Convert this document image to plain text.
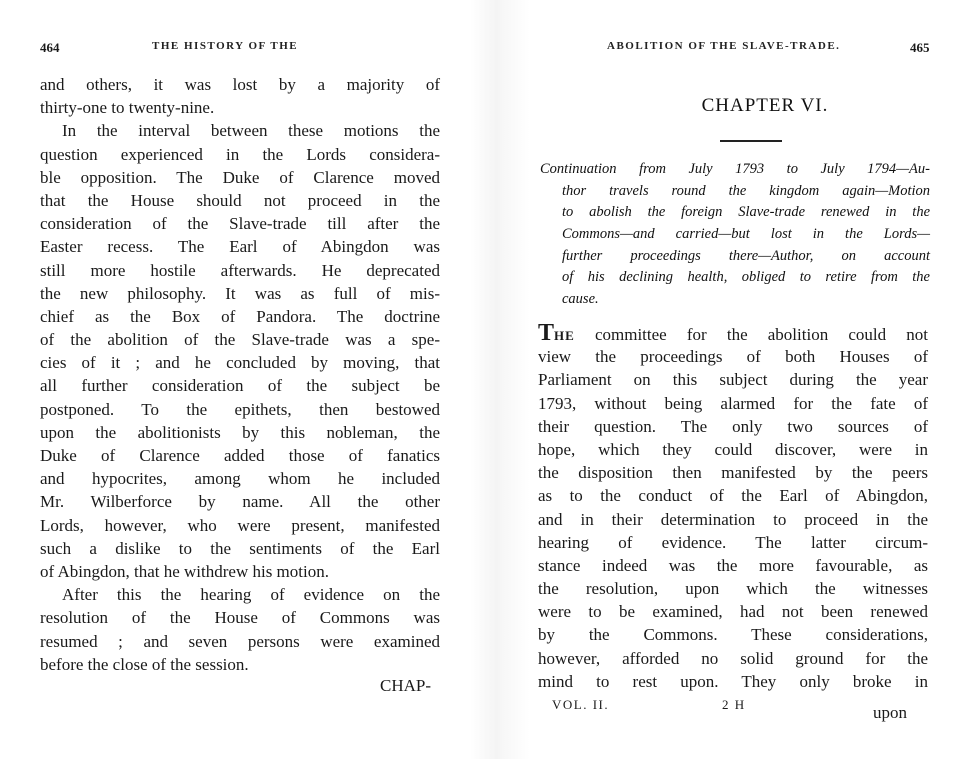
464	THE HISTORY OF THE
and others, it was lost by a majority of
thirty-one to twenty-nine.
In the interval between these motions the
question experienced in the Lords considera-
ble opposition. The Duke of Clarence moved
that the House should not proceed in the
consideration of the Slave-trade till after the
Easter recess. The Earl of Abingdon was
still more hostile afterwards. He deprecated
the new philosophy. It was as full of mis-
chief as the Box of Pandora. The doctrine
of the abolition of the Slave-trade was a spe-
cies of it ; and he concluded by moving, that
all further consideration of the subject be
postponed. To the epithets, then bestowed
upon the abolitionists by this nobleman, the
Duke of Clarence added those of fanatics
and hypocrites, among whom he included
Mr. Wilberforce by name. All the other
Lords, however, who were present, manifested
such a dislike to the sentiments of the Earl
of Abingdon, that he withdrew his motion.
After this the hearing of evidence on the
resolution of the House of Commons was
resumed ; and seven persons were examined
before the close of the session.
CHAP-
ABOLITION OF THE SLAVE-TRADE.	465
CHAPTER VI.
Continuation from July 1793 to July 1794—Au-
thor travels round the kingdom again—Motion
to abolish the foreign Slave-trade renewed in the
Commons—and carried—but lost in the Lords—
further proceedings there—Author, on account
of his declining health, obliged to retire from the
cause.
THE committee for the abolition could not
view the proceedings of both Houses of
Parliament on this subject during the year
1793, without being alarmed for the fate of
their question. The only two sources of
hope, which they could discover, were in
the disposition then manifested by the peers
as to the conduct of the Earl of Abingdon,
and in their determination to proceed in the
hearing of evidence. The latter circum-
stance indeed was the more favourable, as
the resolution, upon which the witnesses
were to be examined, had not been renewed
by the Commons. These considerations,
however, afforded no solid ground for the
mind to rest upon. They only broke in
VOL. II.	2 H	upon
